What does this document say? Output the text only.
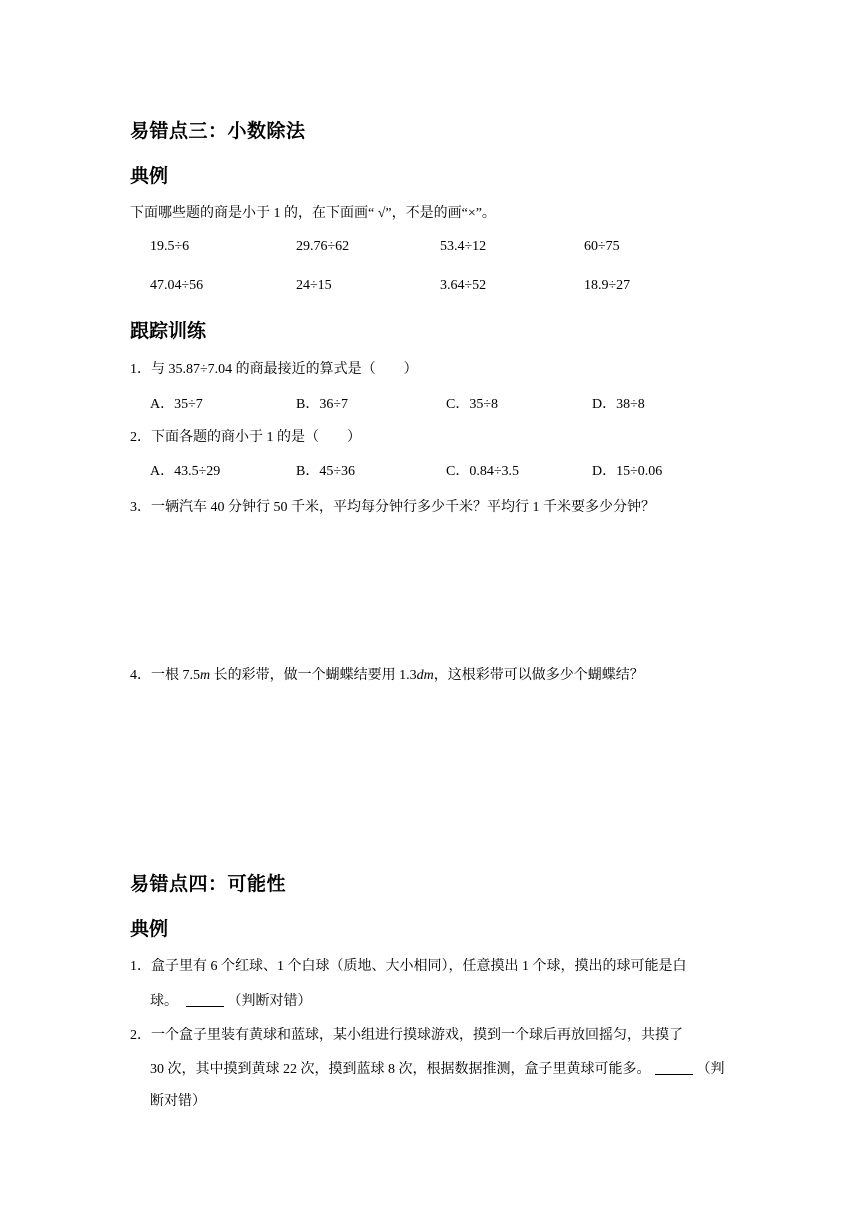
易错点三：小数除法
典例
下面哪些题的商是小于 1 的，在下面画“ √”，不是的画“×”。
19.5÷6	29.76÷62	53.4÷12	60÷75
47.04÷56	24÷15	3.64÷52	18.9÷27
跟踪训练
1．与 35.87÷7.04 的商最接近的算式是（　　）
A．35÷7	B．36÷7	C．35÷8	D．38÷8
2．下面各题的商小于 1 的是（　　）
A．43.5÷29	B．45÷36	C．0.84÷3.5	D．15÷0.06
3．一辆汽车 40 分钟行 50 千米，平均每分钟行多少千米？平均行 1 千米要多少分钟？
4．一根 7.5m 长的彩带，做一个蝴蝶结要用 1.3dm，这根彩带可以做多少个蝴蝶结？
易错点四：可能性
典例
1．盒子里有 6 个红球、1 个白球（质地、大小相同），任意摸出 1 个球，摸出的球可能是白
球。	（判断对错）
2．一个盒子里装有黄球和蓝球，某小组进行摸球游戏，摸到一个球后再放回摇匀，共摸了
30 次，其中摸到黄球 22 次，摸到蓝球 8 次，根据数据推测，盒子里黄球可能多。	（判
断对错）
